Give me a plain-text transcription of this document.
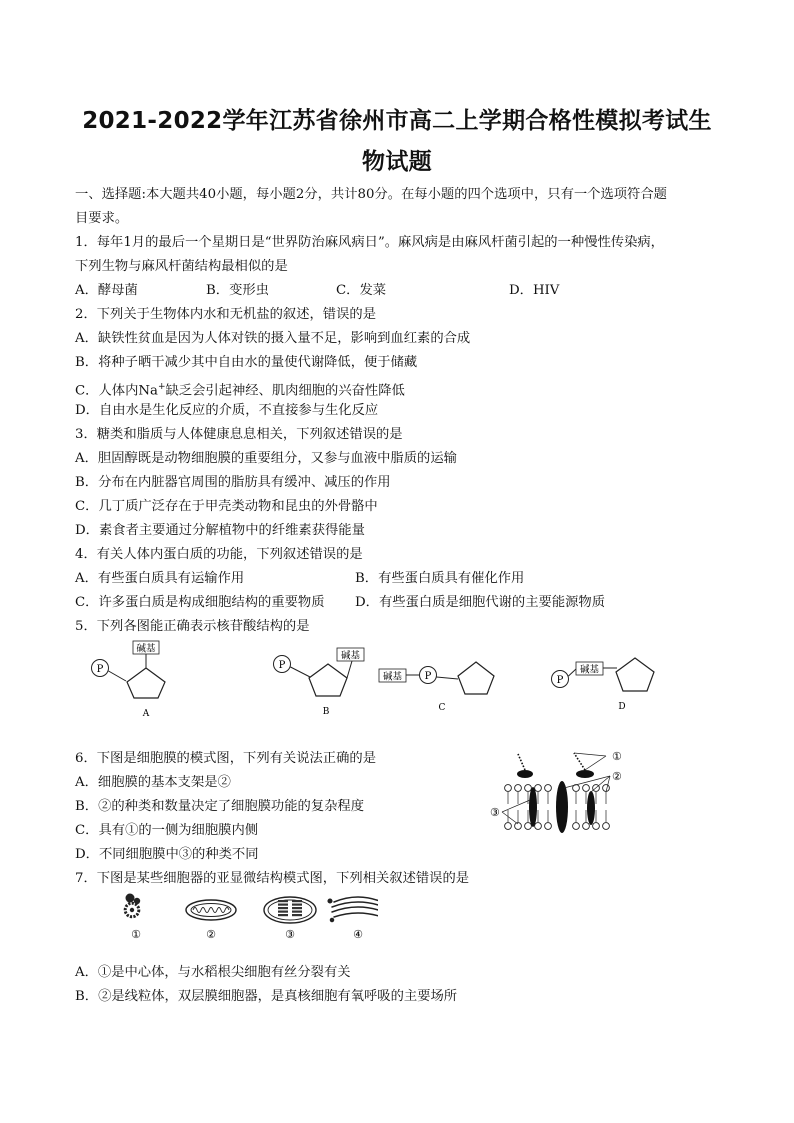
2021-2022学年江苏省徐州市高二上学期合格性模拟考试生
物试题
一、选择题:本大题共40小题，每小题2分，共计80分。在每小题的四个选项中，只有一个选项符合题
目要求。
1．每年1月的最后一个星期日是“世界防治麻风病日”。麻风病是由麻风杆菌引起的一种慢性传染病，
下列生物与麻风杆菌结构最相似的是
A．酵母菌	B．变形虫	C．发菜	D．HIV
2．下列关于生物体内水和无机盐的叙述，错误的是
A．缺铁性贫血是因为人体对铁的摄入量不足，影响到血红素的合成
B．将种子晒干减少其中自由水的量使代谢降低，便于储藏
C．人体内Na+缺乏会引起神经、肌肉细胞的兴奋性降低
D．自由水是生化反应的介质，不直接参与生化反应
3．糖类和脂质与人体健康息息相关，下列叙述错误的是
A．胆固醇既是动物细胞膜的重要组分，又参与血液中脂质的运输
B．分布在内脏器官周围的脂肪具有缓冲、减压的作用
C．几丁质广泛存在于甲壳类动物和昆虫的外骨骼中
D．素食者主要通过分解植物中的纤维素获得能量
4．有关人体内蛋白质的功能，下列叙述错误的是
A．有些蛋白质具有运输作用	B．有些蛋白质具有催化作用
C．许多蛋白质是构成细胞结构的重要物质 D．有些蛋白质是细胞代谢的主要能源物质
5．下列各图能正确表示核苷酸结构的是
P
碱基
A
P
碱基
B
碱基 P
C
P
碱基
D
6．下图是细胞膜的模式图，下列有关说法正确的是
A．细胞膜的基本支架是②
B．②的种类和数量决定了细胞膜功能的复杂程度
C．具有①的一侧为细胞膜内侧
D．不同细胞膜中③的种类不同
①
②
③
7．下图是某些细胞器的亚显微结构模式图，下列相关叙述错误的是
①	②	③	④
A．①是中心体，与水稻根尖细胞有丝分裂有关
B．②是线粒体，双层膜细胞器，是真核细胞有氧呼吸的主要场所
